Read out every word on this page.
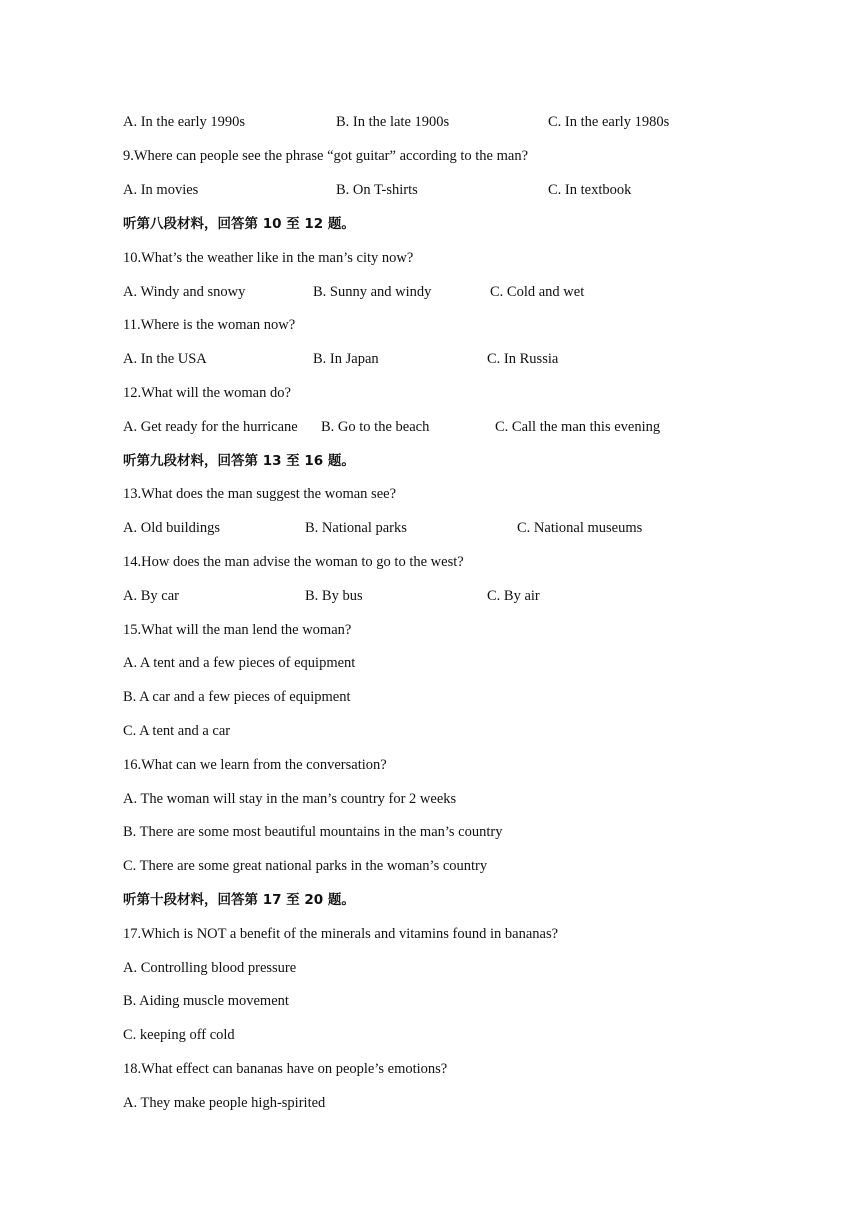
A. In the early 1990s	B. In the late 1900s	C. In the early 1980s
9.Where can people see the phrase “got guitar” according to the man?
A. In movies	B. On T-shirts	C. In textbook
听第八段材料，回答第 10 至 12 题。
10.What’s the weather like in the man’s city now?
A. Windy and snowy	B. Sunny and windy	C. Cold and wet
11.Where is the woman now?
A. In the USA	B. In Japan	C. In Russia
12.What will the woman do?
A. Get ready for the hurricane B. Go to the beach	C. Call the man this evening
听第九段材料，回答第 13 至 16 题。
13.What does the man suggest the woman see?
A. Old buildings	B. National parks	C. National museums
14.How does the man advise the woman to go to the west?
A. By car	B. By bus	C. By air
15.What will the man lend the woman?
A. A tent and a few pieces of equipment
B. A car and a few pieces of equipment
C. A tent and a car
16.What can we learn from the conversation?
A. The woman will stay in the man’s country for 2 weeks
B. There are some most beautiful mountains in the man’s country
C. There are some great national parks in the woman’s country
听第十段材料，回答第 17 至 20 题。
17.Which is NOT a benefit of the minerals and vitamins found in bananas?
A. Controlling blood pressure
B. Aiding muscle movement
C. keeping off cold
18.What effect can bananas have on people’s emotions?
A. They make people high-spirited
